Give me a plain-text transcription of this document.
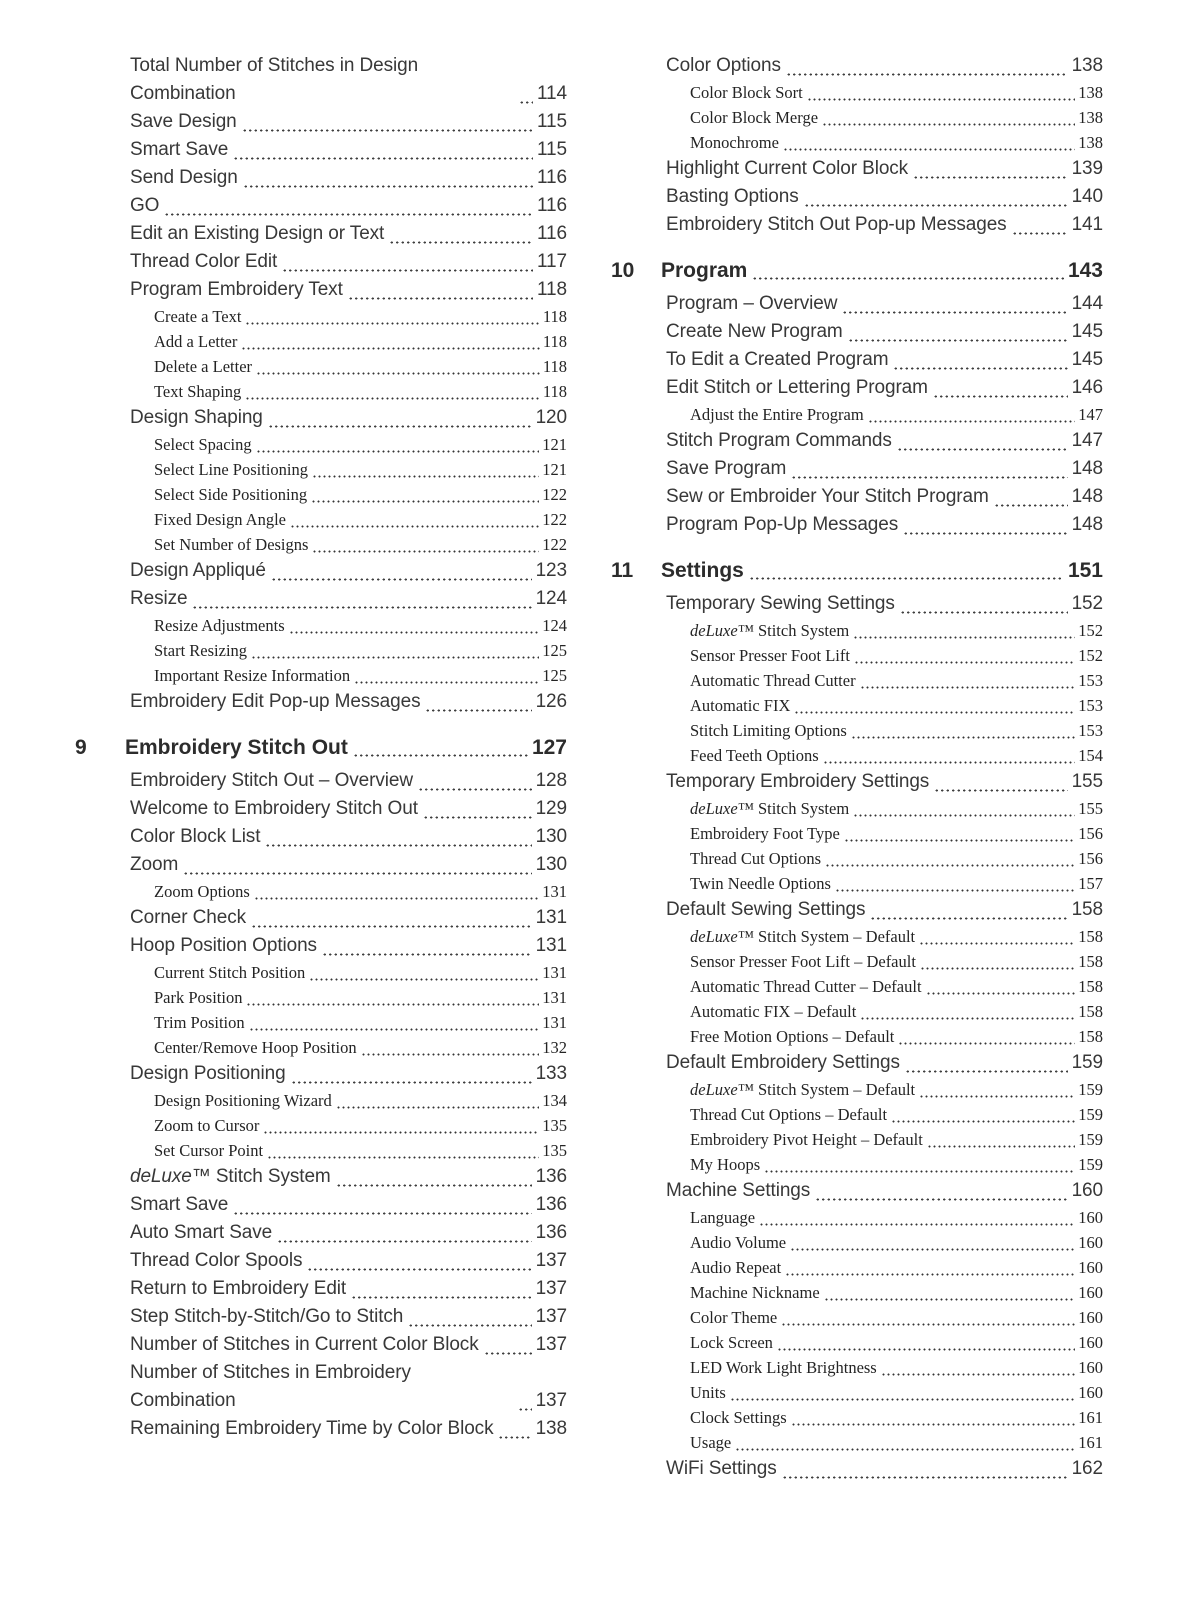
Total Number of Stitches in Design Combination	114
Save Design	115
Smart Save	115
Send Design	116
GO	116
Edit an Existing Design or Text	116
Thread Color Edit	117
Program Embroidery Text	118
Create a Text	118
Add a Letter	118
Delete a Letter	118
Text Shaping	118
Design Shaping	120
Select Spacing	121
Select Line Positioning	121
Select Side Positioning	122
Fixed Design Angle	122
Set Number of Designs	122
Design Appliqué	123
Resize	124
Resize Adjustments	124
Start Resizing	125
Important Resize Information	125
Embroidery Edit Pop-up Messages	126
9 Embroidery Stitch Out	127
Embroidery Stitch Out – Overview	128
Welcome to Embroidery Stitch Out	129
Color Block List	130
Zoom	130
Zoom Options	131
Corner Check	131
Hoop Position Options	131
Current Stitch Position	131
Park Position	131
Trim Position	131
Center/Remove Hoop Position	132
Design Positioning	133
Design Positioning Wizard	134
Zoom to Cursor	135
Set Cursor Point	135
deLuxe™ Stitch System	136
Smart Save	136
Auto Smart Save	136
Thread Color Spools	137
Return to Embroidery Edit	137
Step Stitch-by-Stitch/Go to Stitch	137
Number of Stitches in Current Color Block	137
Number of Stitches in Embroidery Combination	137
Remaining Embroidery Time by Color Block 138
Color Options	138
Color Block Sort	138
Color Block Merge	138
Monochrome	138
Highlight Current Color Block	139
Basting Options	140
Embroidery Stitch Out Pop-up Messages	141
10 Program	143
Program – Overview	144
Create New Program	145
To Edit a Created Program	145
Edit Stitch or Lettering Program	146
Adjust the Entire Program	147
Stitch Program Commands	147
Save Program	148
Sew or Embroider Your Stitch Program	148
Program Pop-Up Messages	148
11 Settings	151
Temporary Sewing Settings	152
deLuxe™ Stitch System	152
Sensor Presser Foot Lift	152
Automatic Thread Cutter	153
Automatic FIX	153
Stitch Limiting Options	153
Feed Teeth Options	154
Temporary Embroidery Settings	155
deLuxe™ Stitch System	155
Embroidery Foot Type	156
Thread Cut Options	156
Twin Needle Options	157
Default Sewing Settings	158
deLuxe™ Stitch System – Default	158
Sensor Presser Foot Lift – Default	158
Automatic Thread Cutter – Default	158
Automatic FIX – Default	158
Free Motion Options – Default	158
Default Embroidery Settings	159
deLuxe™ Stitch System – Default	159
Thread Cut Options – Default	159
Embroidery Pivot Height – Default	159
My Hoops	159
Machine Settings	160
Language	160
Audio Volume	160
Audio Repeat	160
Machine Nickname	160
Color Theme	160
Lock Screen	160
LED Work Light Brightness	160
Units	160
Clock Settings	161
Usage	161
WiFi Settings	162
